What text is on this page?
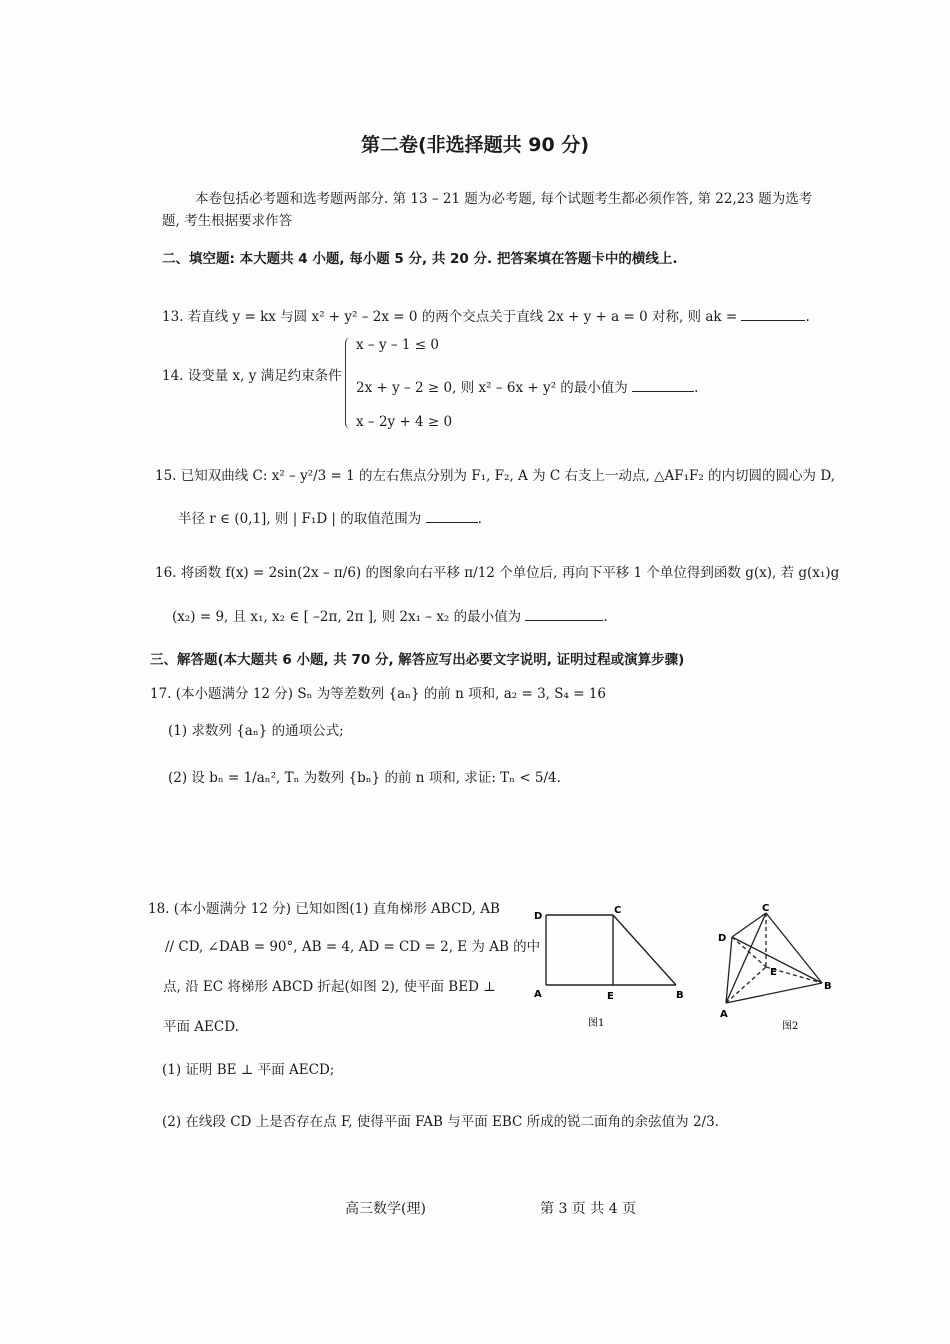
第二卷(非选择题共 90 分)
本卷包括必考题和选考题两部分. 第 13 – 21 题为必考题, 每个试题考生都必须作答, 第 22,23 题为选考
题, 考生根据要求作答
二、填空题: 本大题共 4 小题, 每小题 5 分, 共 20 分. 把答案填在答题卡中的横线上.
13. 若直线 y = kx 与圆 x² + y² – 2x = 0 的两个交点关于直线 2x + y + a = 0 对称, 则 ak =	.
14. 设变量 x, y 满足约束条件
x – y – 1 ≤ 0
2x + y – 2 ≥ 0, 则 x² – 6x + y² 的最小值为	.
x – 2y + 4 ≥ 0
15. 已知双曲线 C: x² – y²/3 = 1 的左右焦点分别为 F₁, F₂, A 为 C 右支上一动点, △AF₁F₂ 的内切圆的圆心为 D,
半径 r ∈ (0,1], 则 | F₁D | 的取值范围为	.
16. 将函数 f(x) = 2sin(2x – π/6) 的图象向右平移 π/12 个单位后, 再向下平移 1 个单位得到函数 g(x), 若 g(x₁)g
(x₂) = 9, 且 x₁, x₂ ∈ [ –2π, 2π ], 则 2x₁ – x₂ 的最小值为	.
三、解答题(本大题共 6 小题, 共 70 分, 解答应写出必要文字说明, 证明过程或演算步骤)
17. (本小题满分 12 分) Sₙ 为等差数列 {aₙ} 的前 n 项和, a₂ = 3, S₄ = 16
(1) 求数列 {aₙ} 的通项公式;
(2) 设 bₙ = 1/aₙ², Tₙ 为数列 {bₙ} 的前 n 项和, 求证: Tₙ < 5/4.
18. (本小题满分 12 分) 已知如图(1) 直角梯形 ABCD, AB
// CD, ∠DAB = 90°, AB = 4, AD = CD = 2, E 为 AB 的中
点, 沿 EC 将梯形 ABCD 折起(如图 2), 使平面 BED ⊥
平面 AECD.
(1) 证明 BE ⊥ 平面 AECD;
(2) 在线段 CD 上是否存在点 F, 使得平面 FAB 与平面 EBC 所成的锐二面角的余弦值为 2/3.
D
C
A	E	B
图1
C
D
E
B
A
图2
高三数学(理)	第 3 页 共 4 页
